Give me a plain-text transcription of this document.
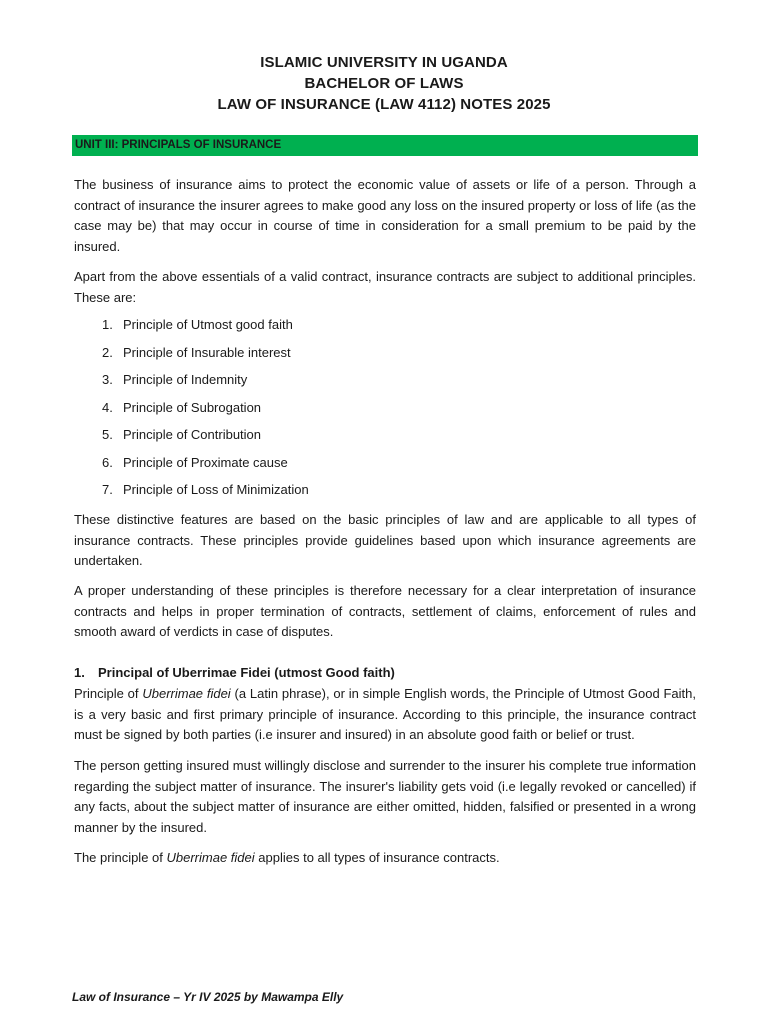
ISLAMIC UNIVERSITY IN UGANDA
BACHELOR OF LAWS
LAW OF INSURANCE (LAW 4112) NOTES 2025
UNIT III: PRINCIPALS OF INSURANCE

The business of insurance aims to protect the economic value of assets or life of a person. Through a contract of insurance the insurer agrees to make good any loss on the insured property or loss of life (as the case may be) that may occur in course of time in consideration for a small premium to be paid by the insured.

Apart from the above essentials of a valid contract, insurance contracts are subject to additional principles. These are:

1. Principle of Utmost good faith
2. Principle of Insurable interest
3. Principle of Indemnity
4. Principle of Subrogation
5. Principle of Contribution
6. Principle of Proximate cause
7. Principle of Loss of Minimization

These distinctive features are based on the basic principles of law and are applicable to all types of insurance contracts. These principles provide guidelines based upon which insurance agreements are undertaken.

A proper understanding of these principles is therefore necessary for a clear interpretation of insurance contracts and helps in proper termination of contracts, settlement of claims, enforcement of rules and smooth award of verdicts in case of disputes.

1. Principal of Uberrimae Fidei (utmost Good faith)

Principle of Uberrimae fidei (a Latin phrase), or in simple English words, the Principle of Utmost Good Faith, is a very basic and first primary principle of insurance. According to this principle, the insurance contract must be signed by both parties (i.e insurer and insured) in an absolute good faith or belief or trust.

The person getting insured must willingly disclose and surrender to the insurer his complete true information regarding the subject matter of insurance. The insurer's liability gets void (i.e legally revoked or cancelled) if any facts, about the subject matter of insurance are either omitted, hidden, falsified or presented in a wrong manner by the insured.

The principle of Uberrimae fidei applies to all types of insurance contracts.

Law of Insurance – Yr IV 2025 by Mawampa Elly
